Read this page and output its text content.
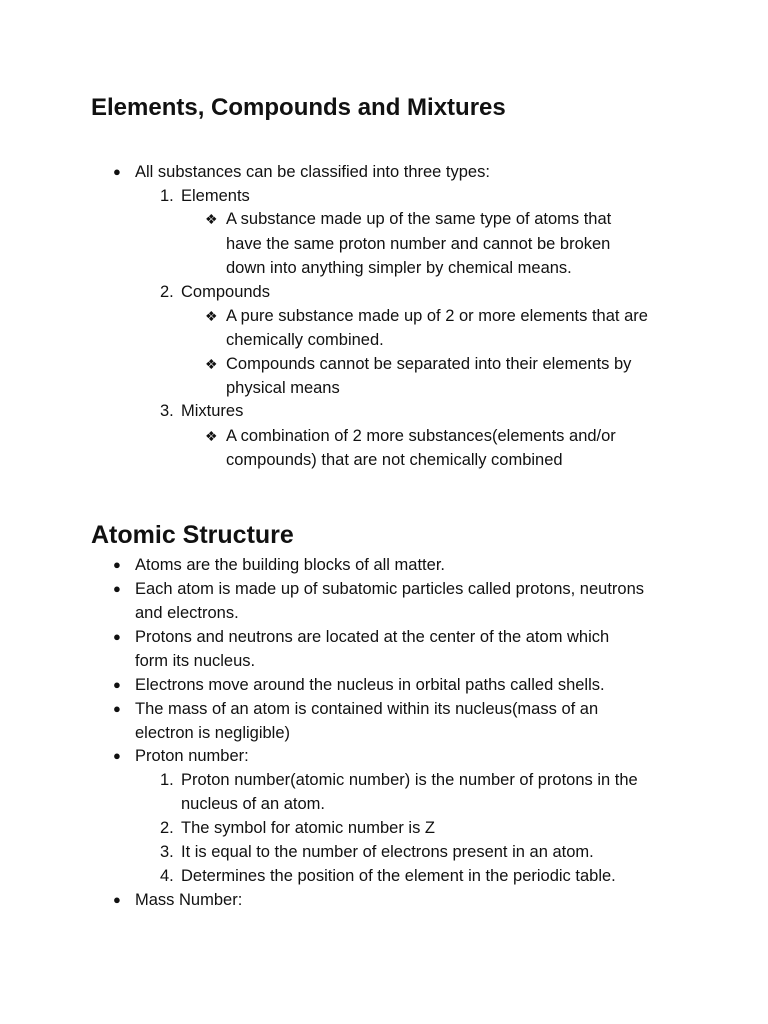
Elements, Compounds and Mixtures
● All substances can be classified into three types:
1. Elements
❖ A substance made up of the same type of atoms that
have the same proton number and cannot be broken
down into anything simpler by chemical means.
2. Compounds
❖ A pure substance made up of 2 or more elements that are
chemically combined.
❖ Compounds cannot be separated into their elements by
physical means
3. Mixtures
❖ A combination of 2 more substances(elements and/or
compounds) that are not chemically combined
Atomic Structure
● Atoms are the building blocks of all matter.
● Each atom is made up of subatomic particles called protons, neutrons
and electrons.
● Protons and neutrons are located at the center of the atom which
form its nucleus.
● Electrons move around the nucleus in orbital paths called shells.
● The mass of an atom is contained within its nucleus(mass of an
electron is negligible)
● Proton number:
1. Proton number(atomic number) is the number of protons in the
nucleus of an atom.
2. The symbol for atomic number is Z
3. It is equal to the number of electrons present in an atom.
4. Determines the position of the element in the periodic table.
● Mass Number:
